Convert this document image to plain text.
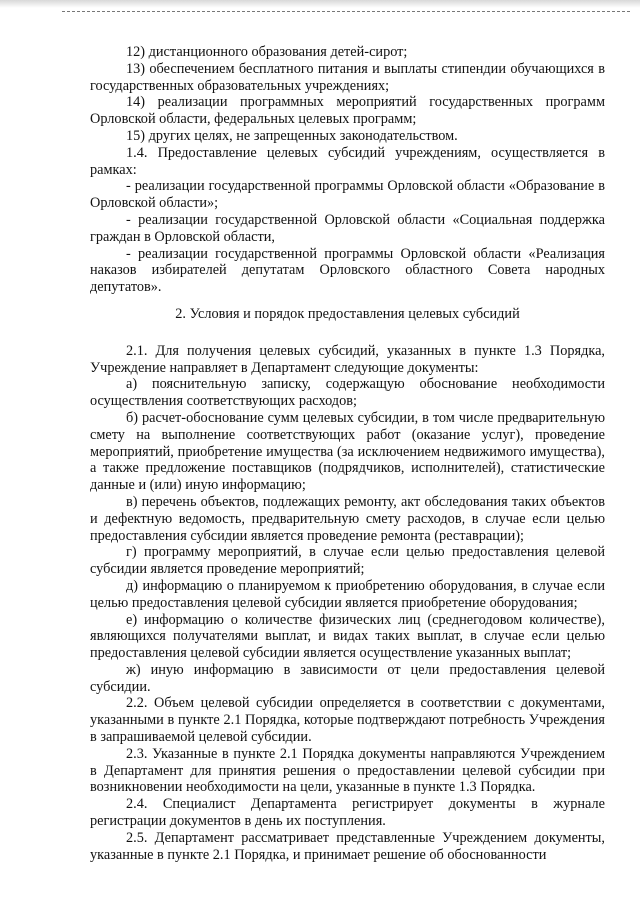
12) дистанционного образования детей-сирот;

13) обеспечением бесплатного питания и выплаты стипендии обучающихся в государственных образовательных учреждениях;

14) реализации программных мероприятий государственных программ Орловской области, федеральных целевых программ;

15) других целях, не запрещенных законодательством.

1.4. Предоставление целевых субсидий учреждениям, осуществляется в рамках:

- реализации государственной программы Орловской области «Образование в Орловской области»;

- реализации государственной Орловской области «Социальная поддержка граждан в Орловской области,

- реализации государственной программы Орловской области «Реализация наказов избирателей депутатам Орловского областного Совета народных депутатов».

2. Условия и порядок предоставления целевых субсидий

2.1. Для получения целевых субсидий, указанных в пункте 1.3 Порядка, Учреждение направляет в Департамент следующие документы:

а) пояснительную записку, содержащую обоснование необходимости осуществления соответствующих расходов;

б) расчет-обоснование сумм целевых субсидии, в том числе предварительную смету на выполнение соответствующих работ (оказание услуг), проведение мероприятий, приобретение имущества (за исключением недвижимого имущества), а также предложение поставщиков (подрядчиков, исполнителей), статистические данные и (или) иную информацию;

в) перечень объектов, подлежащих ремонту, акт обследования таких объектов и дефектную ведомость, предварительную смету расходов, в случае если целью предоставления субсидии является проведение ремонта (реставрации);

г) программу мероприятий, в случае если целью предоставления целевой субсидии является проведение мероприятий;

д) информацию о планируемом к приобретению оборудования, в случае если целью предоставления целевой субсидии является приобретение оборудования;

е) информацию о количестве физических лиц (среднегодовом количестве), являющихся получателями выплат, и видах таких выплат, в случае если целью предоставления целевой субсидии является осуществление указанных выплат;

ж) иную информацию в зависимости от цели предоставления целевой субсидии.

2.2. Объем целевой субсидии определяется в соответствии с документами, указанными в пункте 2.1 Порядка, которые подтверждают потребность Учреждения в запрашиваемой целевой субсидии.

2.3. Указанные в пункте 2.1 Порядка документы направляются Учреждением в Департамент для принятия решения о предоставлении целевой субсидии при возникновении необходимости на цели, указанные в пункте 1.3 Порядка.

2.4. Специалист Департамента регистрирует документы в журнале регистрации документов в день их поступления.

2.5. Департамент рассматривает представленные Учреждением документы, указанные в пункте 2.1 Порядка, и принимает решение об обоснованности
